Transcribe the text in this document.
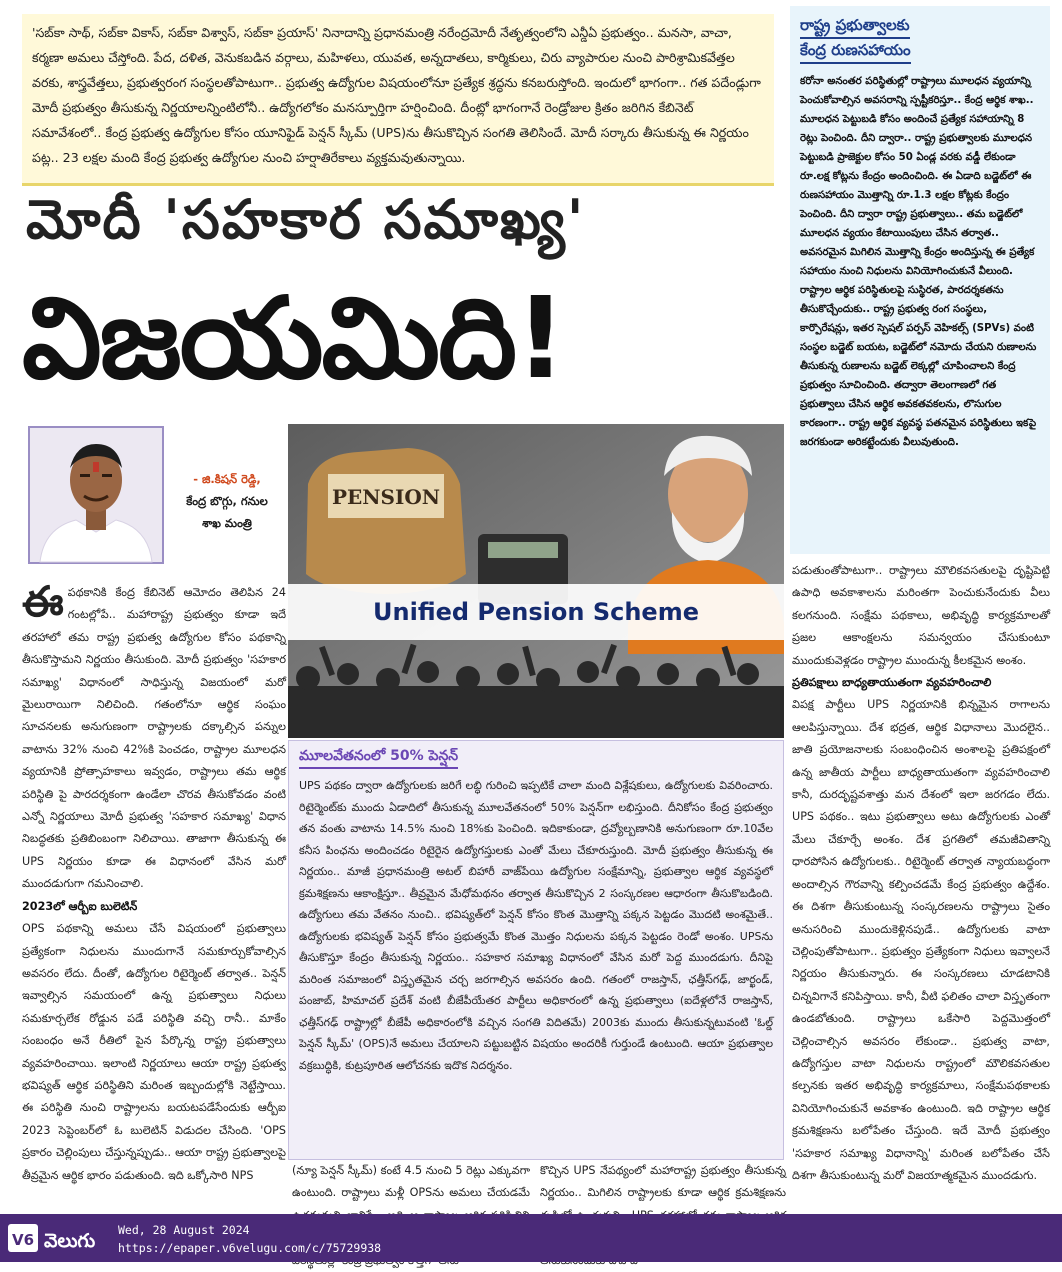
'సబ్‌కా సాథ్‌, సబ్‌కా వికాస్‌, సబ్‌కా విశ్వాస్‌, సబ్‌కా ప్రయాస్‌' నినాదాన్ని ప్రధానమంత్రి నరేంద్రమోదీ నేతృత్వంలోని ఎన్డీఏ ప్రభుత్వం.. మనసా, వాచా, కర్మణా అమలు చేస్తోంది. పేద, దళిత, వెనుకబడిన వర్గాలు, మహిళలు, యువత, అన్నదాతలు, కార్మికులు, చిరు వ్యాపారుల నుంచి పారిశ్రామికవేత్తల వరకు, శాస్త్రవేత్తలు, ప్రభుత్వరంగ సంస్థలతోపాటుగా.. ప్రభుత్వ ఉద్యోగుల విషయంలోనూ ప్రత్యేక శ్రద్ధను కనబరుస్తోంది. ఇందులో భాగంగా.. గత పదేండ్లుగా మోదీ ప్రభుత్వం తీసుకున్న నిర్ణయాలన్నింటిలోనీ.. ఉద్యోగలోకం మనస్పూర్తిగా హర్షించింది. దీంట్లో భాగంగానే రెండ్రోజుల క్రితం జరిగిన కేబినెట్ సమావేశంలో.. కేంద్ర ప్రభుత్వ ఉద్యోగుల కోసం యూనిఫైడ్ పెన్షన్ స్కీమ్ (UPS)ను తీసుకొచ్చిన సంగతి తెలిసిందే. మోదీ సర్కారు తీసుకున్న ఈ నిర్ణయం పట్ల.. 23 లక్షల మంది కేంద్ర ప్రభుత్వ ఉద్యోగుల నుంచి హర్షాతిరేకాలు వ్యక్తమవుతున్నాయి.
రాష్ట్ర ప్రభుత్వాలకు
కేంద్ర రుణసహాయం
కరోనా అనంతర పరిస్థితుల్లో రాష్ట్రాలు మూలధన వ్యయాన్ని పెంచుకోవాల్సిన అవసరాన్ని స్పష్టీకరిస్తూ.. కేంద్ర ఆర్థిక శాఖ.. మూలధన పెట్టుబడి కోసం అందించే ప్రత్యేక సహాయాన్ని 8 రెట్లు పెంచింది. దీని ద్వారా.. రాష్ట్ర ప్రభుత్వాలకు మూలధన పెట్టుబడి ప్రాజెక్టుల కోసం 50 ఏండ్ల వరకు వడ్డీ లేకుండా రూ.లక్ష కోట్లను కేంద్రం అందించింది. ఈ ఏడాది బడ్జెట్‌లో ఈ రుణసహాయం మొత్తాన్ని రూ.1.3 లక్షల కోట్లకు కేంద్రం పెంచింది. దీని ద్వారా రాష్ట్ర ప్రభుత్వాలు.. తమ బడ్జెట్‌లో మూలధన వ్యయం కేటాయింపులు చేసిన తర్వాత.. అవసరమైన మిగిలిన మొత్తాన్ని కేంద్రం అందిస్తున్న ఈ ప్రత్యేక సహాయం నుంచి నిధులను వినియోగించుకునే వీలుంది. రాష్ట్రాల ఆర్థిక పరిస్థితులపై సుస్థిరత, పారదర్శకతను తీసుకొచ్చేందుకు.. రాష్ట్ర ప్రభుత్వ రంగ సంస్థలు, కార్పొరేషన్లు, ఇతర స్పెషల్ పర్పస్ వెహికల్స్ (SPVs) వంటి సంస్థల బడ్జెట్ బయట, బడ్జెట్‌లో నమోదు చేయని రుణాలను తీసుకున్న రుణాలను బడ్జెట్ లెక్కల్లో చూపించాలని కేంద్ర ప్రభుత్వం సూచించింది. తద్వారా తెలంగాణలో గత ప్రభుత్వాలు చేసిన ఆర్థిక అవకతవకలను, లొసుగుల కారణంగా.. రాష్ట్ర ఆర్థిక వ్యవస్థ పతనమైన పరిస్థితులు ఇకపై జరగకుండా అరికట్టేందుకు వీలువుతుంది.
మోదీ 'సహకార సమాఖ్య'
విజయమిది!
- జి.కిషన్ రెడ్డి,
కేంద్ర బొగ్గు, గనుల
శాఖ మంత్రి
ఈ పథకానికి కేంద్ర కేబినెట్ ఆమోదం తెలిపిన 24 గంటల్లోపే.. మహారాష్ట్ర ప్రభుత్వం కూడా ఇదే తరహాలో తమ రాష్ట్ర ప్రభుత్వ ఉద్యోగుల కోసం పథకాన్ని తీసుకొస్తామని నిర్ణయం తీసుకుంది. మోదీ ప్రభుత్వం 'సహకార సమాఖ్య' విధానంలో సాధిస్తున్న విజయంలో మరో మైలురాయిగా నిలిచింది. గతంలోనూ ఆర్థిక సంఘం సూచనలకు అనుగుణంగా రాష్ట్రాలకు దక్కాల్సిన పన్నుల వాటాను 32% నుంచి 42%కి పెంచడం, రాష్ట్రాల మూలధన వ్యయానికి ప్రోత్సాహకాలు ఇవ్వడం, రాష్ట్రాలు తమ ఆర్థిక పరిస్థితి పై పారదర్శకంగా ఉండేలా చొరవ తీసుకోవడం వంటి ఎన్నో నిర్ణయాలు మోదీ ప్రభుత్వ 'సహకార సమాఖ్య' విధాన నిబద్ధతకు ప్రతిబింబంగా నిలిచాయి. తాజాగా తీసుకున్న ఈ UPS నిర్ణయం కూడా ఈ విధానంలో వేసిన మరో ముందడుగుగా గమనించాలి.
2023లో ఆర్బీఐ బులెటిన్
OPS పథకాన్ని అమలు చేసే విషయంలో ప్రభుత్వాలు ప్రత్యేకంగా నిధులను ముందుగానే సమకూర్చుకోవాల్సిన అవసరం లేదు. దీంతో, ఉద్యోగుల రిటైర్మెంట్ తర్వాత.. పెన్షన్ ఇవ్వాల్సిన సమయంలో ఉన్న ప్రభుత్వాలు నిధులు సమకూర్చలేక రోడ్డున పడే పరిస్థితి వచ్చి రానీ.. మాకేం సంబంధం అనే రీతిలో పైన పేర్కొన్న రాష్ట్ర ప్రభుత్వాలు వ్యవహరించాయి. ఇలాంటి నిర్ణయాలు ఆయా రాష్ట్ర ప్రభుత్వ భవిష్యత్ ఆర్థిక పరిస్థితిని మరింత ఇబ్బందుల్లోకి నెట్టేస్తాయి. ఈ పరిస్థితి నుంచి రాష్ట్రాలను బయటపడేసేందుకు ఆర్బీఐ 2023 సెప్టెంబర్‌లో ఓ బులెటిన్ విడుదల చేసింది. 'OPS ప్రకారం చెల్లింపులు చేస్తున్నప్పుడు.. ఆయా రాష్ట్ర ప్రభుత్వాలపై తీవ్రమైన ఆర్థిక భారం పడుతుంది. ఇది ఒక్కోసారి NPS
PENSION
Unified Pension Scheme
మూలవేతనంలో 50% పెన్షన్
UPS పథకం ద్వారా ఉద్యోగులకు జరిగే లబ్ధి గురించి ఇప్పటికే చాలా మంది విశ్లేషకులు, ఉద్యోగులకు వివరించారు. రిటైర్మెంట్‌కు ముందు ఏడాదిలో తీసుకున్న మూలవేతనంలో 50% పెన్షన్‌గా లభిస్తుంది. దీనికోసం కేంద్ర ప్రభుత్వం తన వంతు వాటాను 14.5% నుంచి 18%కు పెంచింది. ఇదికాకుండా, ద్రవ్యోల్బణానికి అనుగుణంగా రూ.10వేల కనీస పింఛను అందించడం రిటైరైన ఉద్యోగస్తులకు ఎంతో మేలు చేకూరుస్తుంది. మోదీ ప్రభుత్వం తీసుకున్న ఈ నిర్ణయం.. మాజీ ప్రధానమంత్రి అటల్ బిహారీ వాజ్‌పేయి ఉద్యోగుల సంక్షేమాన్ని, ప్రభుత్వాల ఆర్థిక వ్యవస్థలో క్రమశిక్షణను ఆకాంక్షిస్తూ.. తీవ్రమైన మేధోమథనం తర్వాత తీసుకొచ్చిన 2 సంస్కరణల ఆధారంగా తీసుకొబడింది. ఉద్యోగులు తమ వేతనం నుంచి.. భవిష్యత్‌లో పెన్షన్ కోసం కొంత మొత్తాన్ని పక్కన పెట్టడం మొదటి అంశమైతే.. ఉద్యోగులకు భవిష్యత్ పెన్షన్ కోసం ప్రభుత్వమే కొంత మొత్తం నిధులను పక్కన పెట్టడం రెండో అంశం. UPSను తీసుకొస్తూ కేంద్రం తీసుకున్న నిర్ణయం.. సహకార సమాఖ్య విధానంలో వేసిన మరో పెద్ద ముందడుగు. దీనిపై మరింత సమాజంలో విస్తృతమైన చర్చ జరగాల్సిన అవసరం ఉంది. గతంలో రాజస్తాన్, ఛత్తీస్‌గఢ్, జార్ఖండ్, పంజాబ్, హిమాచల్ ప్రదేశ్ వంటి బీజేపీయేతర పార్టీలు అధికారంలో ఉన్న ప్రభుత్వాలు (ఐదేళ్లలోనే రాజస్తాన్, ఛత్తీస్‌గఢ్ రాష్ట్రాల్లో బీజేపీ అధికారంలోకి వచ్చిన సంగతి విదితమే) 2003కు ముందు తీసుకున్నటువంటి 'ఓల్డ్ పెన్షన్ స్కీమ్' (OPS)నే అమలు చేయాలని పట్టుబట్టిన విషయం అందరికీ గుర్తుండే ఉంటుంది. ఆయా ప్రభుత్వాల వక్రబుద్ధికి, కుట్రపూరిత ఆలోచనకు ఇదొక నిదర్శనం.
(న్యూ పెన్షన్ స్కీమ్) కంటే 4.5 నుంచి 5 రెట్లు ఎక్కువగా ఉంటుంది. రాష్ట్రాలు మళ్లీ OPSను అమలు చేయడమే
కొచ్చిన UPS నేపథ్యంలో మహారాష్ట్ర ప్రభుత్వం తీసుకున్న నిర్ణయం.. మిగిలిన రాష్ట్రాలకు కూడా ఆర్థిక క్రమశిక్షణను
పడుతుంతోపాటుగా.. రాష్ట్రాలు మౌలికవసతులపై దృష్టిపెట్టి ఉపాధి అవకాశాలను మరింతగా పెంచుకునేందుకు వీలు కలగనుంది. సంక్షేమ పథకాలు, అభివృద్ధి కార్యక్రమాలతో ప్రజల ఆకాంక్షలను సమన్వయం చేసుకుంటూ ముందుకువెళ్లడం రాష్ట్రాల ముందున్న కీలకమైన అంశం.
ప్రతిపక్షాలు బాధ్యతాయుతంగా వ్యవహరించాలి
విపక్ష పార్టీలు UPS నిర్ణయానికి భిన్నమైన రాగాలను ఆలపిస్తున్నాయి. దేశ భద్రత, ఆర్థిక విధానాలు మొదలైన.. జాతి ప్రయోజనాలకు సంబంధించిన అంశాలపై ప్రతిపక్షంలో ఉన్న జాతీయ పార్టీలు బాధ్యతాయుతంగా వ్యవహరించాలి కానీ, దురదృష్టవశాత్తు మన దేశంలో ఇలా జరగడం లేదు. UPS పథకం.. ఇటు ప్రభుత్వాలు అటు ఉద్యోగులకు ఎంతో మేలు చేకూర్చే అంశం. దేశ ప్రగతిలో తమజీవితాన్ని ధారపోసిన ఉద్యోగులకు.. రిటైర్మెంట్ తర్వాత న్యాయబద్ధంగా అందాల్సిన గౌరవాన్ని కల్పించడమే కేంద్ర ప్రభుత్వం ఉద్దేశం. ఈ దిశగా తీసుకుంటున్న సంస్కరణలను రాష్ట్రాలు సైతం అనుసరించి ముందుకెళ్లినపుడే.. ఉద్యోగులకు వాటా చెల్లింపుతోపాటుగా.. ప్రభుత్వం ప్రత్యేకంగా నిధులు ఇవ్వాలనే నిర్ణయం తీసుకున్నారు. ఈ సంస్కరణలు చూడటానికి చిన్నవిగానే కనిపిస్తాయి. కానీ, వీటి ఫలితం చాలా విస్తృతంగా ఉండబోతుంది. రాష్ట్రాలు ఒకేసారి పెద్దమొత్తంలో చెల్లించాల్సిన అవసరం లేకుండా.. ప్రభుత్వ వాటా, ఉద్యోగస్తుల వాటా నిధులను రాష్ట్రంలో మౌలికవసతుల కల్పనకు ఇతర అభివృద్ధి కార్యక్రమాలు, సంక్షేమపథకాలకు వినియోగించుకునే అవకాశం ఉంటుంది. ఇది రాష్ట్రాల ఆర్థిక క్రమశిక్షణను బలోపేతం చేస్తుంది. ఇదే మోదీ ప్రభుత్వం 'సహకార సమాఖ్య విధానాన్ని' మరింత బలోపేతం చేసే దిశగా తీసుకుంటున్న మరో విజయాత్మకమైన ముందడుగు.
V6 వెలుగు Wed, 28 August 2024
https://epaper.v6velugu.com/c/75729938
